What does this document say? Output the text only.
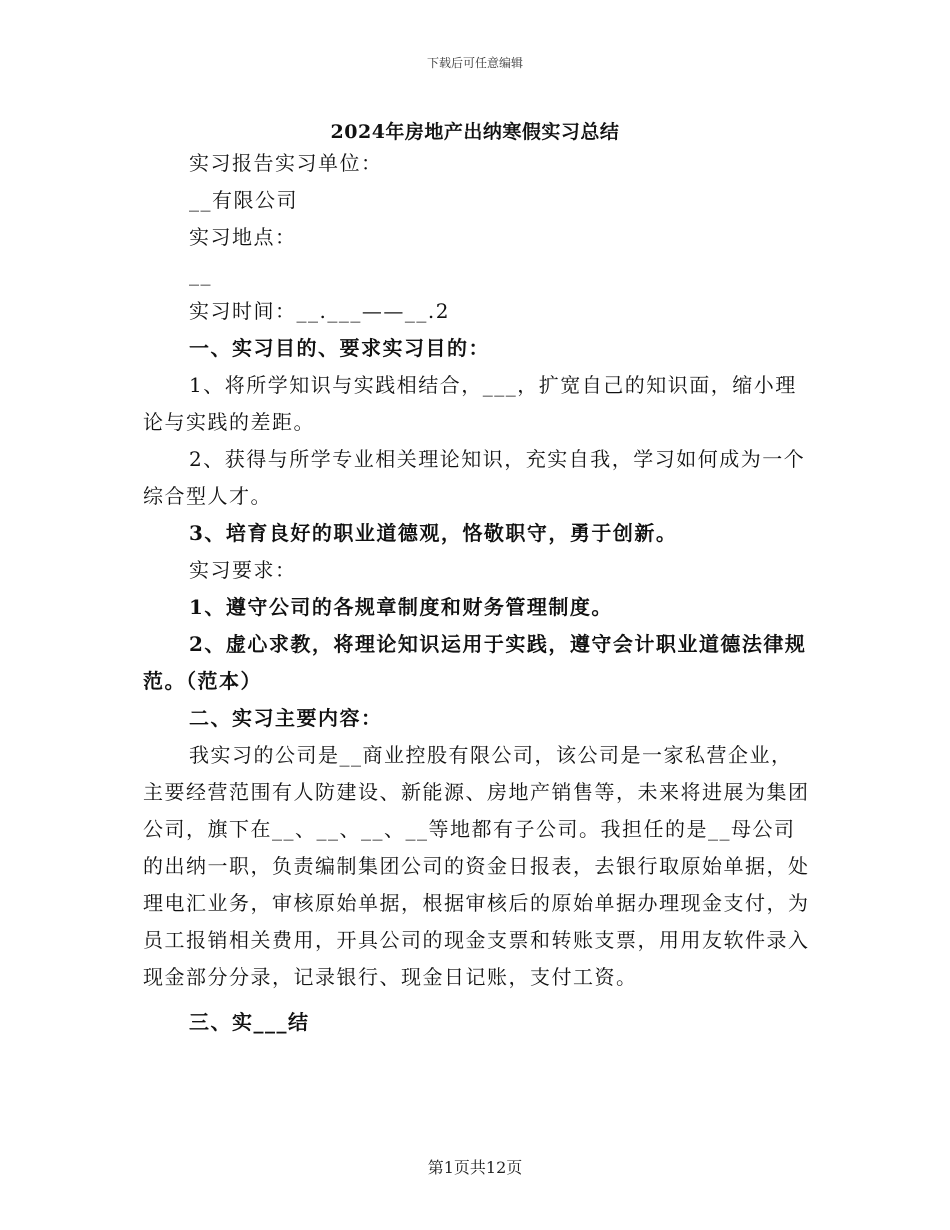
下载后可任意编辑
2024年房地产出纳寒假实习总结

实习报告实习单位：

__有限公司

实习地点：

__

实习时间：__.___——__.2

一、实习目的、要求实习目的：

1、将所学知识与实践相结合，___，扩宽自己的知识面，缩小理论与实践的差距。

2、获得与所学专业相关理论知识，充实自我，学习如何成为一个综合型人才。

3、培育良好的职业道德观，恪敬职守，勇于创新。

实习要求：

1、遵守公司的各规章制度和财务管理制度。

2、虚心求教，将理论知识运用于实践，遵守会计职业道德法律规范。（范本）

二、实习主要内容：

我实习的公司是__商业控股有限公司，该公司是一家私营企业，主要经营范围有人防建设、新能源、房地产销售等，未来将进展为集团公司，旗下在__、__、__、__等地都有子公司。我担任的是__母公司的出纳一职，负责编制集团公司的资金日报表，去银行取原始单据，处理电汇业务，审核原始单据，根据审核后的原始单据办理现金支付，为员工报销相关费用，开具公司的现金支票和转账支票，用用友软件录入现金部分分录，记录银行、现金日记账，支付工资。

三、实___结

第1页共12页
